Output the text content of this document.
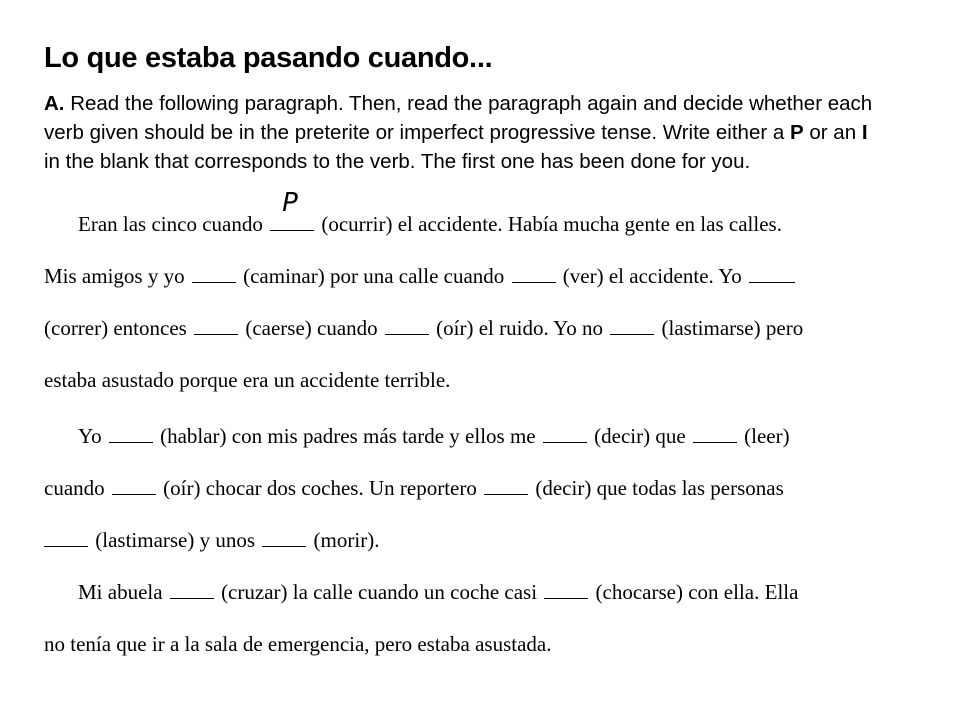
Lo que estaba pasando cuando...
A. Read the following paragraph. Then, read the paragraph again and decide whether each
verb given should be in the preterite or imperfect progressive tense. Write either a P or an I
in the blank that corresponds to the verb. The first one has been done for you.
Eran las cinco cuando
P
(ocurrir) el accidente. Había mucha gente en las calles.
Mis amigos y yo	(caminar) por una calle cuando	(ver) el accidente. Yo
(correr) entonces	(caerse) cuando	(oír) el ruido. Yo no	(lastimarse) pero
estaba asustado porque era un accidente terrible.
Yo	(hablar) con mis padres más tarde y ellos me	(decir) que	(leer)
cuando	(oír) chocar dos coches. Un reportero	(decir) que todas las personas
(lastimarse) y unos	(morir).
Mi abuela	(cruzar) la calle cuando un coche casi	(chocarse) con ella. Ella
no tenía que ir a la sala de emergencia, pero estaba asustada.
